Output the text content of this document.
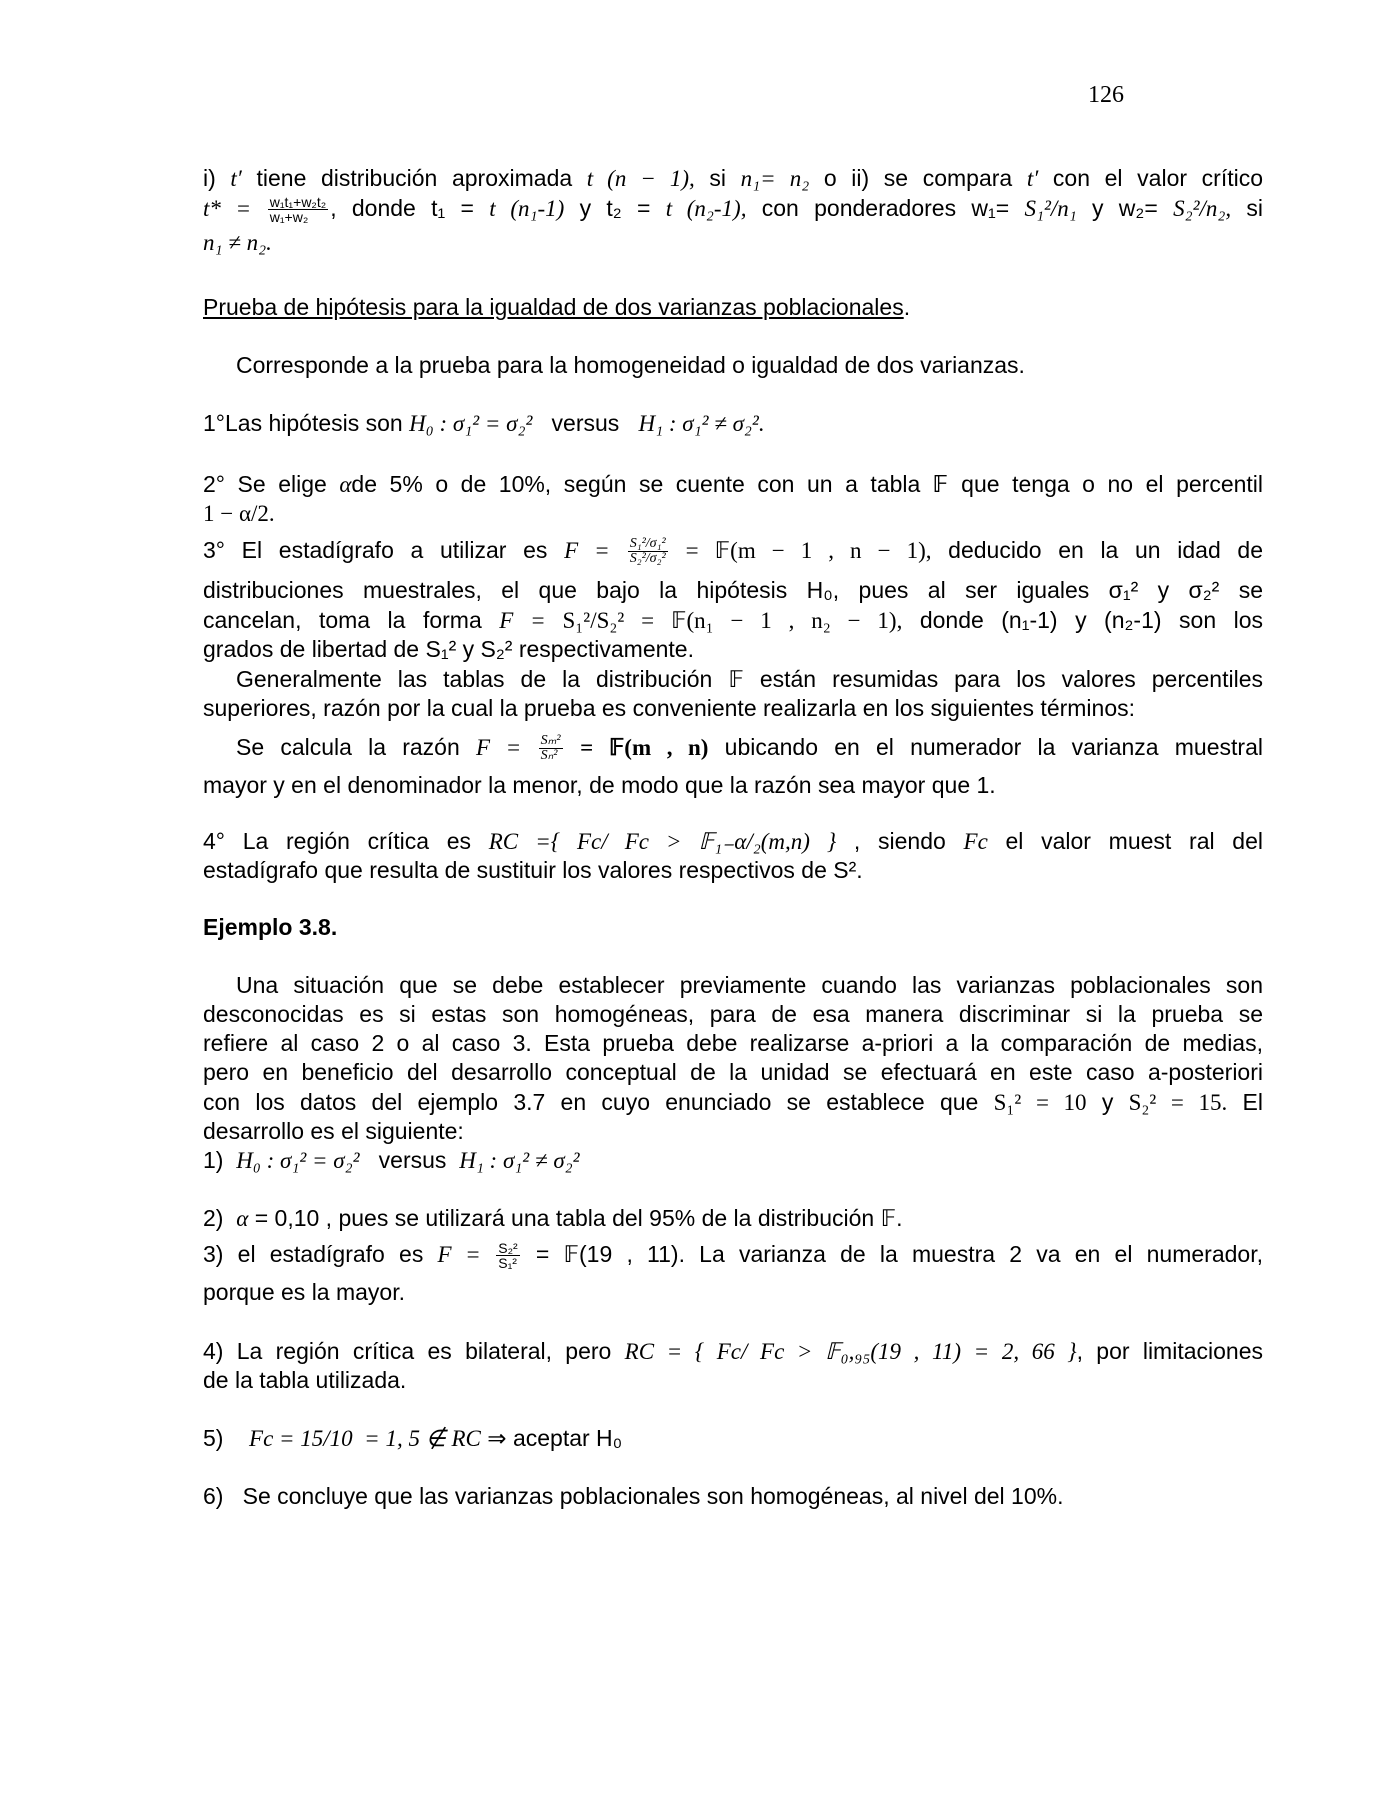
126
i) t′ tiene distribución aproximada t (n − 1), si n₁= n₂ o ii) se compara t′ con el valor crítico
$t* = \frac{\text{w₁t₁+w₂t₂}}{\text{w₁+w₂}}$ , donde t₁ = t (n₁-1) y t₂ = t (n₂-1), con ponderadores w₁= S₁²/n₁ y w₂= S₂²/n₂, si
n₁ ≠ n₂.
Prueba de hipótesis para la igualdad de dos varianzas poblacionales.
Corresponde a la prueba para la homogeneidad o igualdad de dos varianzas.
1°Las hipótesis son H₀ : σ₁² = σ₂²   versus   H₁ : σ₁² ≠ σ₂².
2° Se elige αde 5% o de 10%, según se cuente con un a tabla 𝔽 que tenga o no el percentil
1 − α/2.
3° El estadígrafo a utilizar es $F = \frac{\text{S₁²/σ₁²}}{\text{S₂²/σ₂²}}$ = 𝔽(m − 1 , n − 1), deducido en la un idad de
distribuciones muestrales, el que bajo la hipótesis H₀, pues al ser iguales σ₁² y σ₂² se
cancelan, toma la forma F = S₁²/S₂² = 𝔽(n₁ − 1 , n₂ − 1), donde (n₁-1) y (n₂-1) son los
grados de libertad de S₁² y S₂² respectivamente.
Generalmente las tablas de la distribución 𝔽 están resumidas para los valores percentiles
superiores, razón por la cual la prueba es conveniente realizarla en los siguientes términos:
Se calcula la razón $F = \frac{\text{Sₘ²}}{\text{Sₙ²}}$ = 𝔽(m , n) ubicando en el numerador la varianza muestral
mayor y en el denominador la menor, de modo que la razón sea mayor que 1.
4° La región crítica es RC ={ Fc/ Fc > 𝔽₁₋α/₂(m,n) } , siendo Fc el valor muest ral del
estadígrafo que resulta de sustituir los valores respectivos de S².
Ejemplo 3.8.
Una situación que se debe establecer previamente cuando las varianzas poblacionales son
desconocidas es si estas son homogéneas, para de esa manera discriminar si la prueba se
refiere al caso 2 o al caso 3. Esta prueba debe realizarse a-priori a la comparación de medias,
pero en beneficio del desarrollo conceptual de la unidad se efectuará en este caso a-posteriori
con los datos del ejemplo 3.7 en cuyo enunciado se establece que S₁² = 10 y S₂² = 15. El
desarrollo es el siguiente:
1)  H₀ : σ₁² = σ₂²   versus  H₁ : σ₁² ≠ σ₂²
2)  α = 0,10 , pues se utilizará una tabla del 95% de la distribución 𝔽.
3) el estadígrafo es $F = \frac{\text{S₂²}}{\text{S₁²}}$ = 𝔽(19 , 11). La varianza de la muestra 2 va en el numerador,
porque es la mayor.
4) La región crítica es bilateral, pero RC = { Fc/ Fc > 𝔽₀,₉₅(19 , 11) = 2, 66 }, por limitaciones
de la tabla utilizada.
5)    Fc = 15/10  = 1, 5 ∉ RC ⇒ aceptar H₀
6)   Se concluye que las varianzas poblacionales son homogéneas, al nivel del 10%.
